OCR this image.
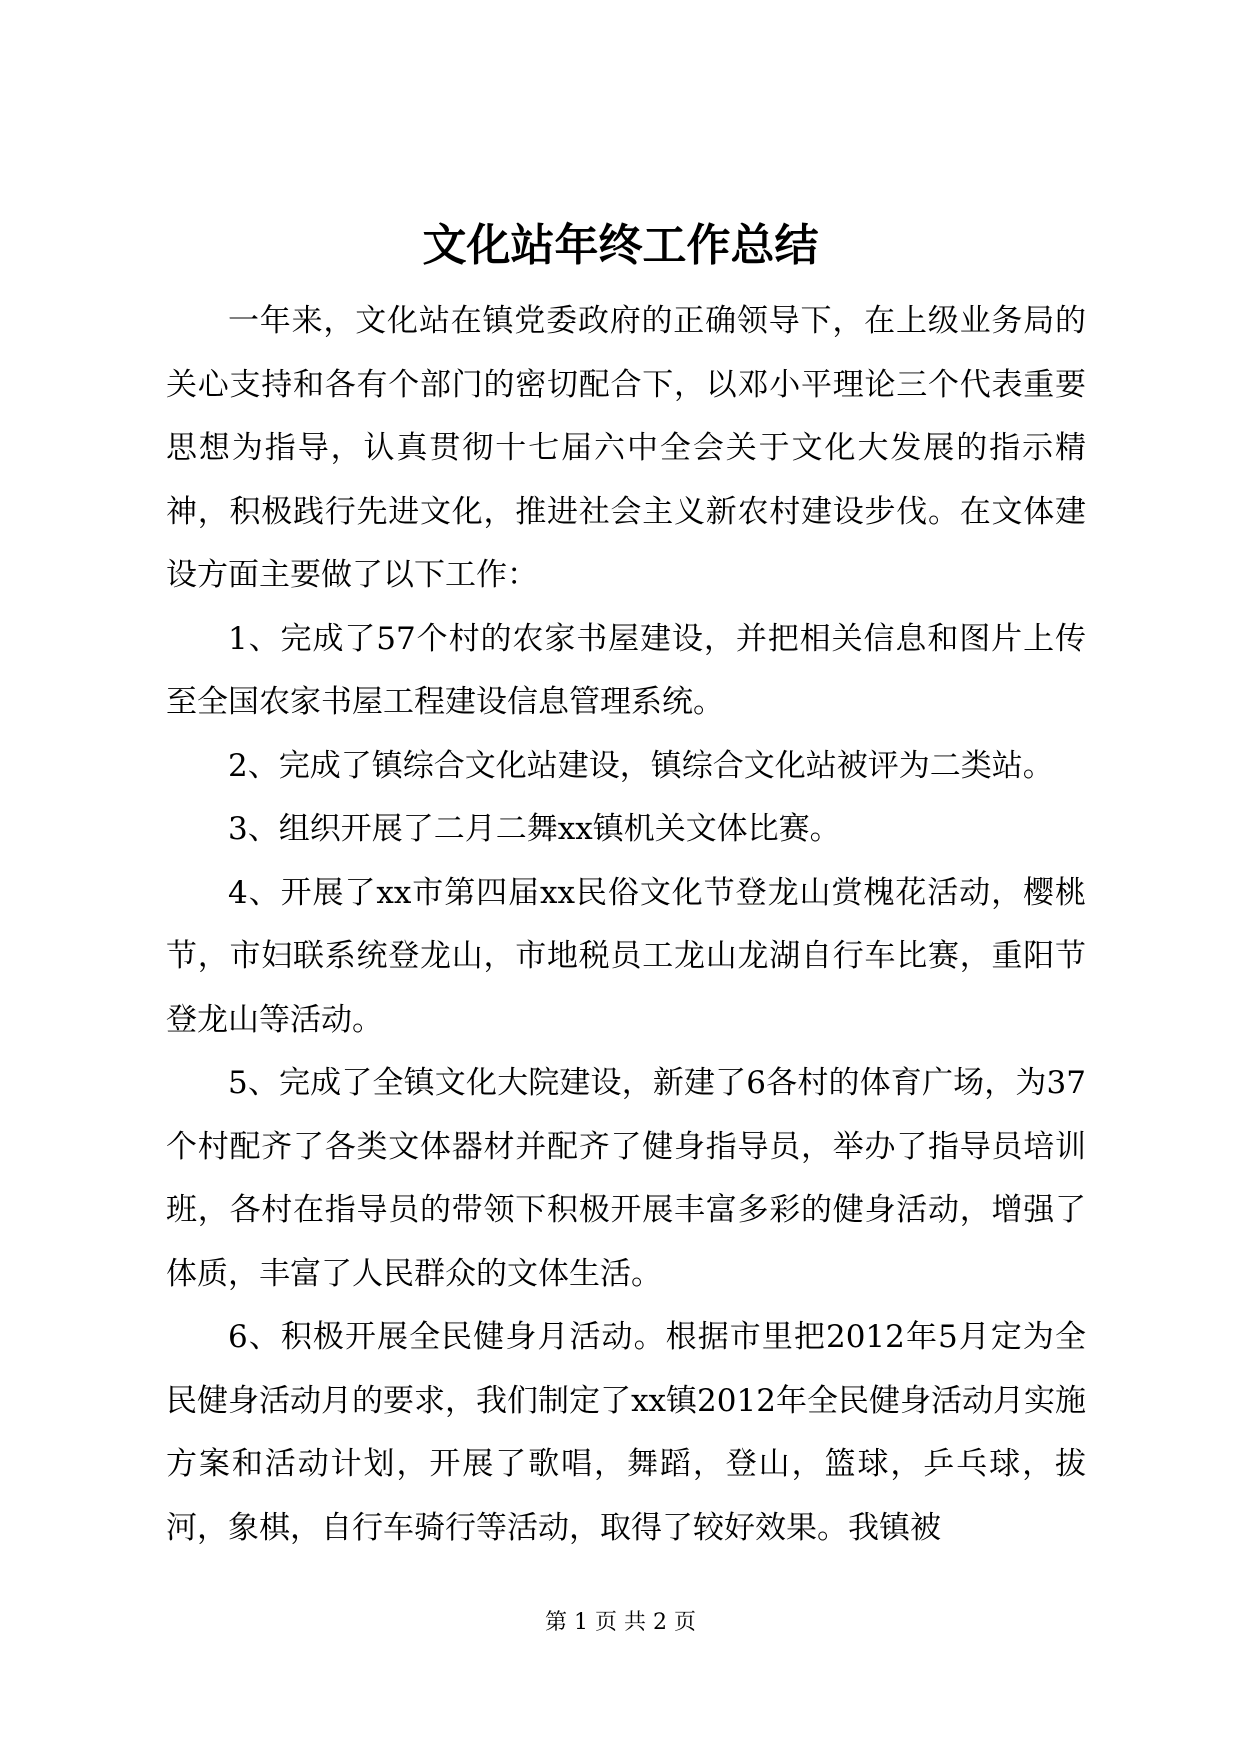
文化站年终工作总结

一年来，文化站在镇党委政府的正确领导下，在上级业务局的关心支持和各有个部门的密切配合下，以邓小平理论三个代表重要思想为指导，认真贯彻十七届六中全会关于文化大发展的指示精神，积极践行先进文化，推进社会主义新农村建设步伐。在文体建设方面主要做了以下工作：

1、完成了57个村的农家书屋建设，并把相关信息和图片上传至全国农家书屋工程建设信息管理系统。

2、完成了镇综合文化站建设，镇综合文化站被评为二类站。

3、组织开展了二月二舞xx镇机关文体比赛。

4、开展了xx市第四届xx民俗文化节登龙山赏槐花活动，樱桃节，市妇联系统登龙山，市地税员工龙山龙湖自行车比赛，重阳节登龙山等活动。

5、完成了全镇文化大院建设，新建了6各村的体育广场，为37个村配齐了各类文体器材并配齐了健身指导员，举办了指导员培训班，各村在指导员的带领下积极开展丰富多彩的健身活动，增强了体质，丰富了人民群众的文体生活。

6、积极开展全民健身月活动。根据市里把2012年5月定为全民健身活动月的要求，我们制定了xx镇2012年全民健身活动月实施方案和活动计划，开展了歌唱，舞蹈，登山，篮球，乒乓球，拔河，象棋，自行车骑行等活动，取得了较好效果。我镇被

第 1 页 共 2 页
